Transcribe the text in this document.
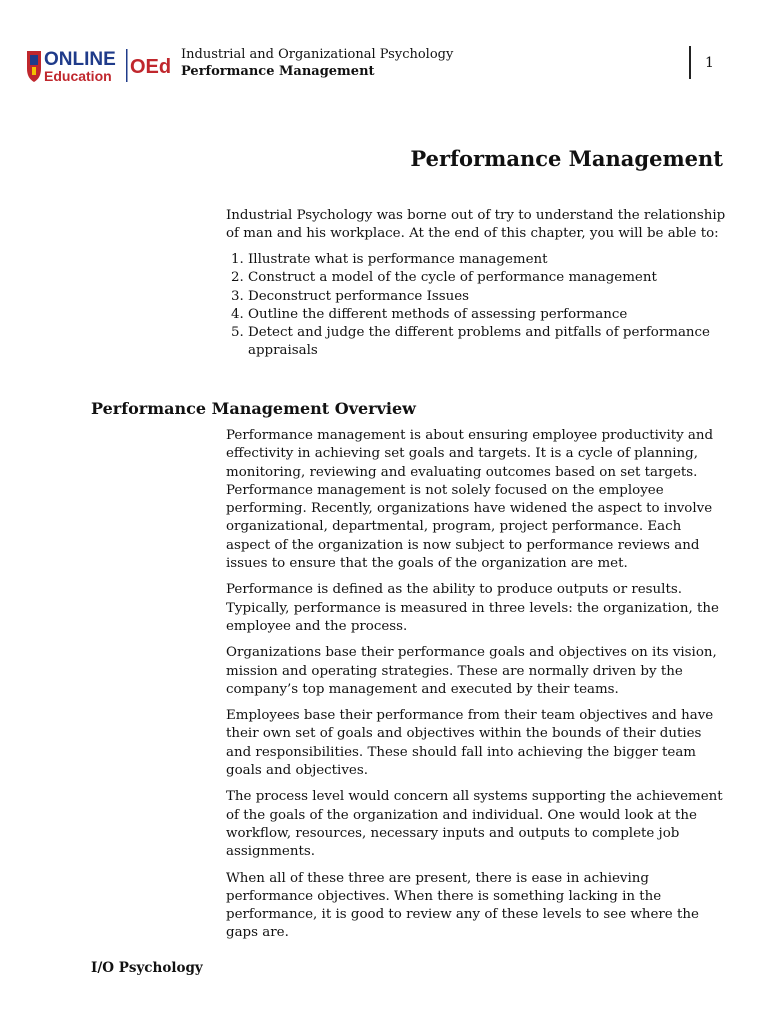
ONLINE
Education OEd
Industrial and Organizational Psychology
Performance Management
1
Performance Management
Industrial Psychology was borne out of try to understand the relationship of man and his workplace. At the end of this chapter, you will be able to:
1. Illustrate what is performance management
2. Construct a model of the cycle of performance management
3. Deconstruct performance Issues
4. Outline the different methods of assessing performance
5. Detect and judge the different problems and pitfalls of performance appraisals
Performance Management Overview

Performance management is about ensuring employee productivity and effectivity in achieving set goals and targets. It is a cycle of planning, monitoring, reviewing and evaluating outcomes based on set targets. Performance management is not solely focused on the employee performing. Recently, organizations have widened the aspect to involve organizational, departmental, program, project performance. Each aspect of the organization is now subject to performance reviews and issues to ensure that the goals of the organization are met.

Performance is defined as the ability to produce outputs or results. Typically, performance is measured in three levels: the organization, the employee and the process.

Organizations base their performance goals and objectives on its vision, mission and operating strategies. These are normally driven by the company’s top management and executed by their teams.

Employees base their performance from their team objectives and have their own set of goals and objectives within the bounds of their duties and responsibilities. These should fall into achieving the bigger team goals and objectives.

The process level would concern all systems supporting the achievement of the goals of the organization and individual. One would look at the workflow, resources, necessary inputs and outputs to complete job assignments.

When all of these three are present, there is ease in achieving performance objectives. When there is something lacking in the performance, it is good to review any of these levels to see where the gaps are.

I/O Psychology
